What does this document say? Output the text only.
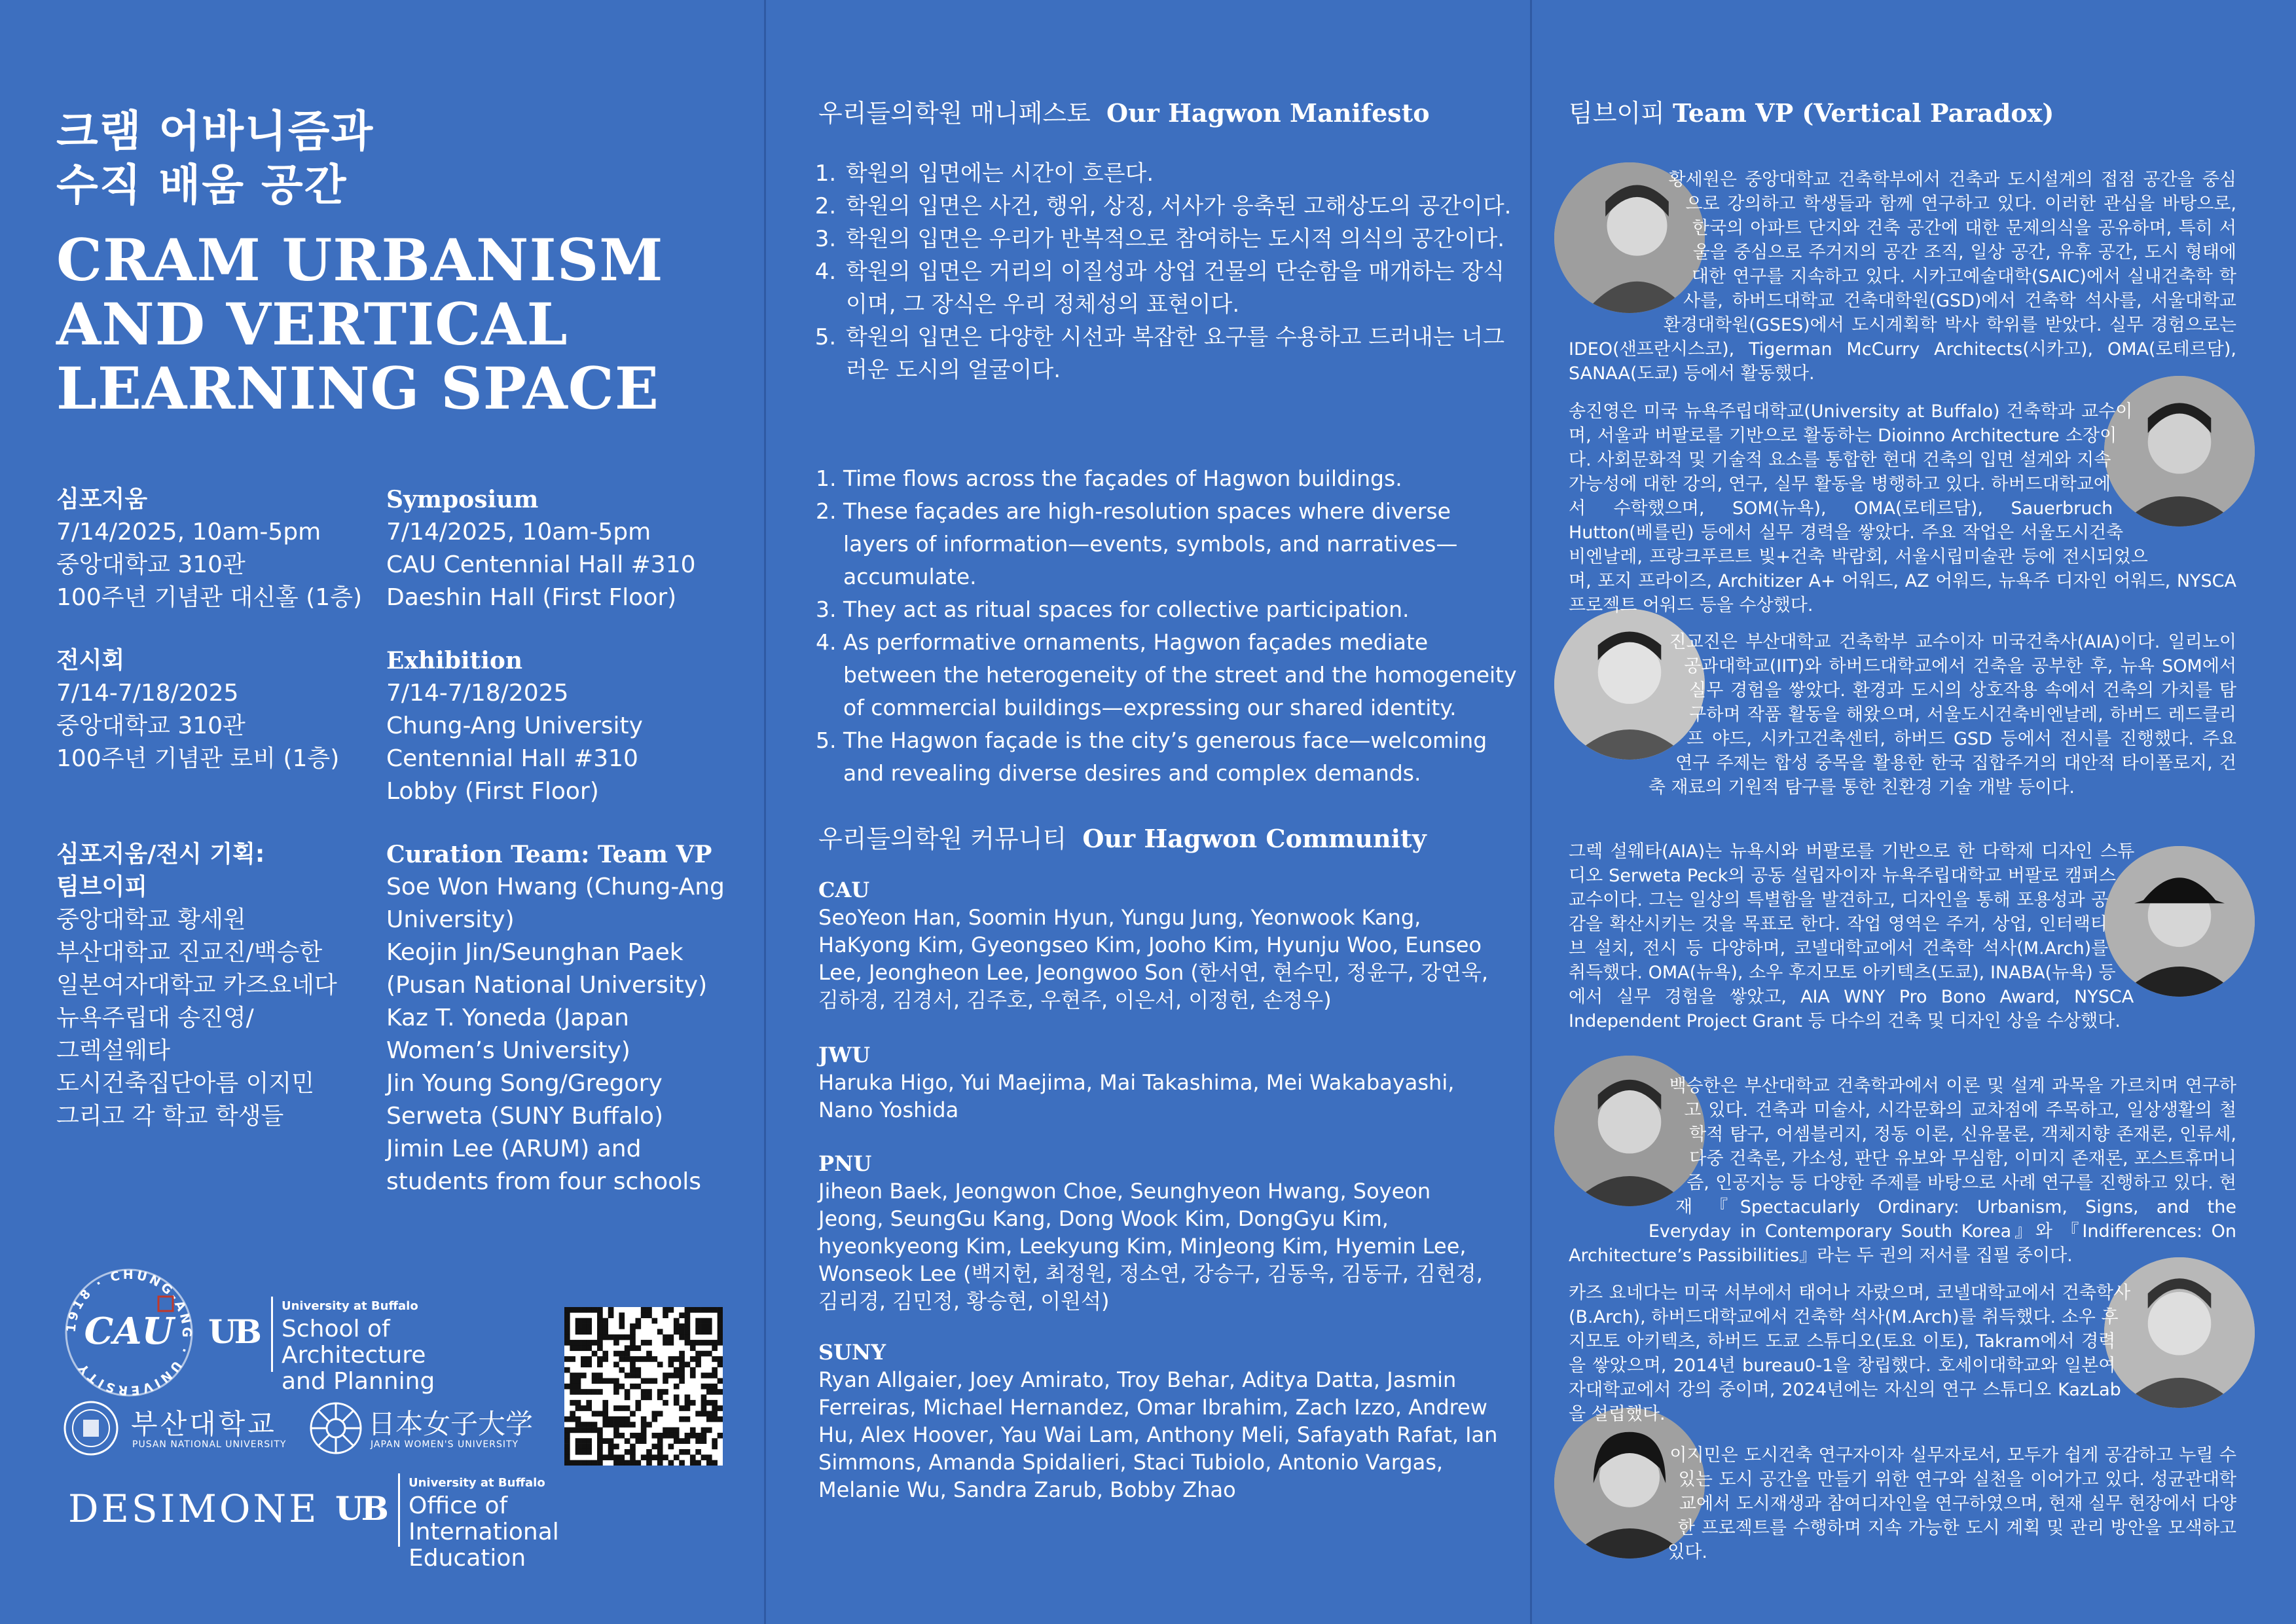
크램 어바니즘과
수직 배움 공간
CRAM URBANISM
AND VERTICAL
LEARNING SPACE
심포지움
7/14/2025, 10am-5pm
중앙대학교 310관
100주년 기념관 대신홀 (1층)
전시회
7/14-7/18/2025
중앙대학교 310관
100주년 기념관 로비 (1층)
심포지움/전시 기획:
팀브이피
중앙대학교 황세원
부산대학교 진교진/백승한
일본여자대학교 카즈요네다
뉴욕주립대 송진영/
그렉설웨타
도시건축집단아름 이지민
그리고 각 학교 학생들
Symposium
7/14/2025, 10am-5pm
CAU Centennial Hall #310
Daeshin Hall (First Floor)
Exhibition
7/14-7/18/2025
Chung-Ang University
Centennial Hall #310
Lobby (First Floor)
Curation Team: Team VP
Soe Won Hwang (Chung-Ang
University)
Keojin Jin/Seunghan Paek
(Pusan National University)
Kaz T. Yoneda (Japan
Women’s University)
Jin Young Song/Gregory
Serweta (SUNY Buffalo)
Jimin Lee (ARUM) and
students from four schools
1918 · CHUNG-ANG · UNIVERSITY
CAU UB
University at Buffalo
School of Architecture
and Planning
부산대학교
PUSAN NATIONAL UNIVERSITY
日本女子大学
JAPAN WOMEN'S UNIVERSITY
DESIMONE UB
University at Buffalo
Office of International
Education
우리들의학원 매니페스토 Our Hagwon Manifesto
1. 학원의 입면에는 시간이 흐른다.
2. 학원의 입면은 사건, 행위, 상징, 서사가 응축된 고해상도의 공간이다.
3. 학원의 입면은 우리가 반복적으로 참여하는 도시적 의식의 공간이다.
4. 학원의 입면은 거리의 이질성과 상업 건물의 단순함을 매개하는 장식이며, 그 장식은 우리 정체성의 표현이다.
5. 학원의 입면은 다양한 시선과 복잡한 요구를 수용하고 드러내는 너그러운 도시의 얼굴이다.
1. Time flows across the façades of Hagwon buildings.
2. These façades are high-resolution spaces where diverse layers of information—events, symbols, and narratives—accumulate.
3. They act as ritual spaces for collective participation.
4. As performative ornaments, Hagwon façades mediate between the heterogeneity of the street and the homogeneity of commercial buildings—expressing our shared identity.
5. The Hagwon façade is the city’s generous face—welcoming and revealing diverse desires and complex demands.
우리들의학원 커뮤니티 Our Hagwon Community
CAU
SeoYeon Han, Soomin Hyun, Yungu Jung, Yeonwook Kang, HaKyong Kim, Gyeongseo Kim, Jooho Kim, Hyunju Woo, Eunseo Lee, Jeongheon Lee, Jeongwoo Son (한서연, 현수민, 정윤구, 강연욱, 김하경, 김경서, 김주호, 우현주, 이은서, 이정헌, 손정우)
JWU
Haruka Higo, Yui Maejima, Mai Takashima, Mei Wakabayashi, Nano Yoshida
PNU
Jiheon Baek, Jeongwon Choe, Seunghyeon Hwang, Soyeon Jeong, SeungGu Kang, Dong Wook Kim, DongGyu Kim, hyeonkyeong Kim, Leekyung Kim, MinJeong Kim, Hyemin Lee, Wonseok Lee (백지헌, 최정원, 정소연, 강승구, 김동욱, 김동규, 김현경, 김리경, 김민정, 황승현, 이원석)
SUNY
Ryan Allgaier, Joey Amirato, Troy Behar, Aditya Datta, Jasmin Ferreiras, Michael Hernandez, Omar Ibrahim, Zach Izzo, Andrew Hu, Alex Hoover, Yau Wai Lam, Anthony Meli, Safayath Rafat, Ian Simmons, Amanda Spidalieri, Staci Tubiolo, Antonio Vargas, Melanie Wu, Sandra Zarub, Bobby Zhao
팀브이피 Team VP (Vertical Paradox)
황세원은 중앙대학교 건축학부에서 건축과 도시설계의 접점 공간을 중심으로 강의하고 학생들과 함께 연구하고 있다. 이러한 관심을 바탕으로, 한국의 아파트 단지와 건축 공간에 대한 문제의식을 공유하며, 특히 서울을 중심으로 주거지의 공간 조직, 일상 공간, 유휴 공간, 도시 형태에 대한 연구를 지속하고 있다. 시카고예술대학(SAIC)에서 실내건축학 학사를, 하버드대학교 건축대학원(GSD)에서 건축학 석사를, 서울대학교 환경대학원(GSES)에서 도시계획학 박사 학위를 받았다. 실무 경험으로는 IDEO(샌프란시스코), Tigerman McCurry Architects(시카고), OMA(로테르담), SANAA(도쿄) 등에서 활동했다.
송진영은 미국 뉴욕주립대학교(University at Buffalo) 건축학과 교수이며, 서울과 버팔로를 기반으로 활동하는 Dioinno Architecture 소장이다. 사회문화적 및 기술적 요소를 통합한 현대 건축의 입면 설계와 지속가능성에 대한 강의, 연구, 실무 활동을 병행하고 있다. 하버드대학교에서 수학했으며, SOM(뉴욕), OMA(로테르담), Sauerbruch Hutton(베를린) 등에서 실무 경력을 쌓았다. 주요 작업은 서울도시건축비엔날레, 프랑크푸르트 빛+건축 박람회, 서울시립미술관 등에 전시되었으며, 포지 프라이즈, Architizer A+ 어워드, AZ 어워드, 뉴욕주 디자인 어워드, NYSCA 프로젝트 어워드 등을 수상했다.
진교진은 부산대학교 건축학부 교수이자 미국건축사(AIA)이다. 일리노이공과대학교(IIT)와 하버드대학교에서 건축을 공부한 후, 뉴욕 SOM에서 실무 경험을 쌓았다. 환경과 도시의 상호작용 속에서 건축의 가치를 탐구하며 작품 활동을 해왔으며, 서울도시건축비엔날레, 하버드 레드클리프 야드, 시카고건축센터, 하버드 GSD 등에서 전시를 진행했다. 주요 연구 주제는 합성 중목을 활용한 한국 집합주거의 대안적 타이폴로지, 건축 재료의 기원적 탐구를 통한 친환경 기술 개발 등이다.
그렉 설웨타(AIA)는 뉴욕시와 버팔로를 기반으로 한 다학제 디자인 스튜디오 Serweta Peck의 공동 설립자이자 뉴욕주립대학교 버팔로 캠퍼스 교수이다. 그는 일상의 특별함을 발견하고, 디자인을 통해 포용성과 공감을 확산시키는 것을 목표로 한다. 작업 영역은 주거, 상업, 인터랙티브 설치, 전시 등 다양하며, 코넬대학교에서 건축학 석사(M.Arch)를 취득했다. OMA(뉴욕), 소우 후지모토 아키텍츠(도쿄), INABA(뉴욕) 등에서 실무 경험을 쌓았고, AIA WNY Pro Bono Award, NYSCA Independent Project Grant 등 다수의 건축 및 디자인 상을 수상했다.
백승한은 부산대학교 건축학과에서 이론 및 설계 과목을 가르치며 연구하고 있다. 건축과 미술사, 시각문화의 교차점에 주목하고, 일상생활의 철학적 탐구, 어셈블리지, 정동 이론, 신유물론, 객체지향 존재론, 인류세, 다중 건축론, 가소성, 판단 유보와 무심함, 이미지 존재론, 포스트휴머니즘, 인공지능 등 다양한 주제를 바탕으로 사례 연구를 진행하고 있다. 현재 『Spectacularly Ordinary: Urbanism, Signs, and the Everyday in Contemporary South Korea』와 『Indifferences: On Architecture’s Passibilities』라는 두 권의 저서를 집필 중이다.
카즈 요네다는 미국 서부에서 태어나 자랐으며, 코넬대학교에서 건축학사(B.Arch), 하버드대학교에서 건축학 석사(M.Arch)를 취득했다. 소우 후지모토 아키텍츠, 하버드 도쿄 스튜디오(토요 이토), Takram에서 경력을 쌓았으며, 2014년 bureau0-1을 창립했다. 호세이대학교와 일본여자대학교에서 강의 중이며, 2024년에는 자신의 연구 스튜디오 KazLab을 설립했다.
이지민은 도시건축 연구자이자 실무자로서, 모두가 쉽게 공감하고 누릴 수 있는 도시 공간을 만들기 위한 연구와 실천을 이어가고 있다. 성균관대학교에서 도시재생과 참여디자인을 연구하였으며, 현재 실무 현장에서 다양한 프로젝트를 수행하며 지속 가능한 도시 계획 및 관리 방안을 모색하고 있다.
